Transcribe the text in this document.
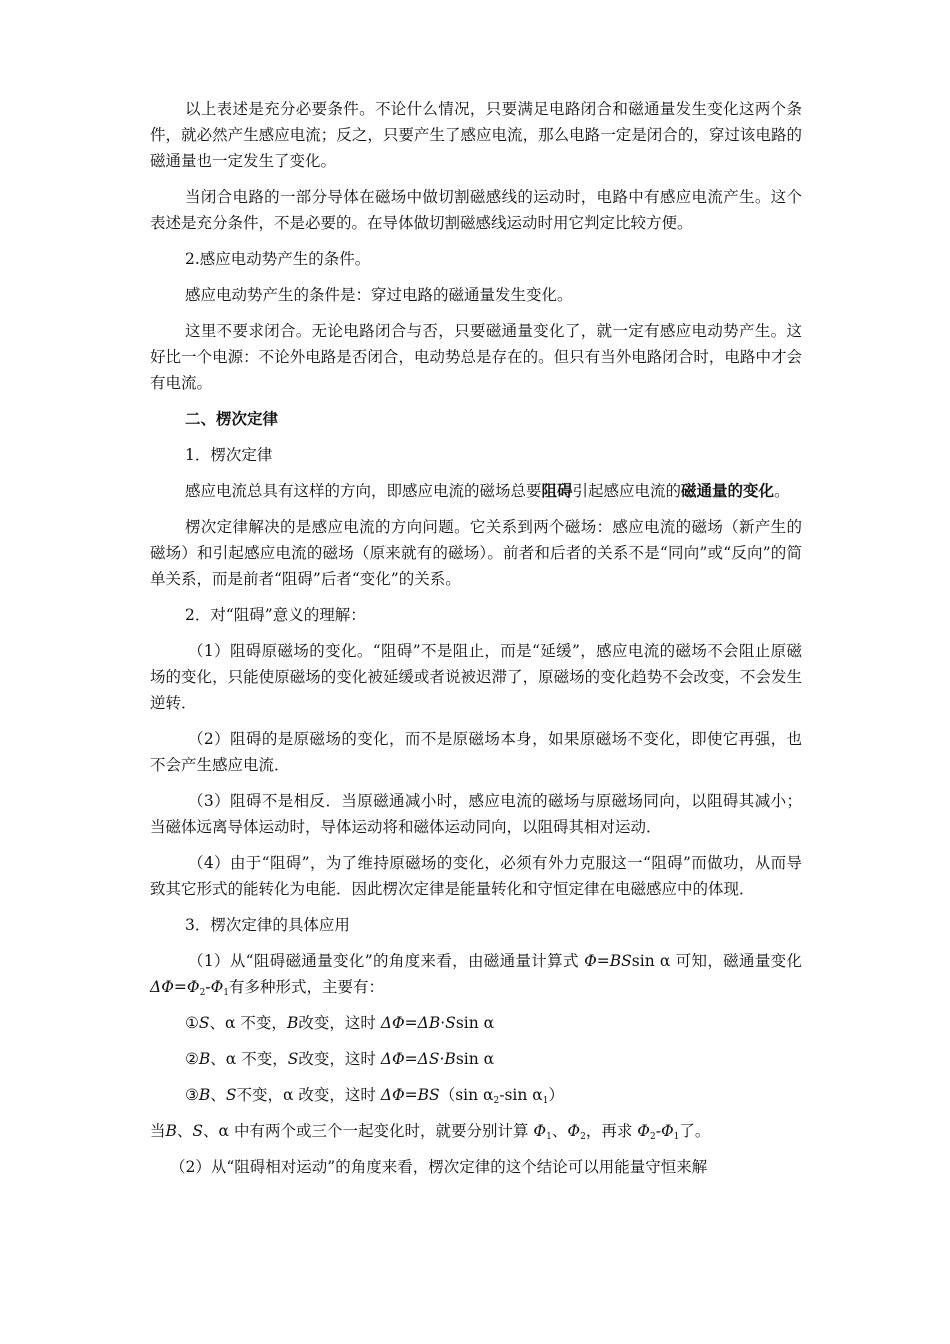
以上表述是充分必要条件。不论什么情况，只要满足电路闭合和磁通量发生变化这两个条件，就必然产生感应电流；反之，只要产生了感应电流，那么电路一定是闭合的，穿过该电路的磁通量也一定发生了变化。

当闭合电路的一部分导体在磁场中做切割磁感线的运动时，电路中有感应电流产生。这个表述是充分条件，不是必要的。在导体做切割磁感线运动时用它判定比较方便。

2.感应电动势产生的条件。

感应电动势产生的条件是：穿过电路的磁通量发生变化。

这里不要求闭合。无论电路闭合与否，只要磁通量变化了，就一定有感应电动势产生。这好比一个电源：不论外电路是否闭合，电动势总是存在的。但只有当外电路闭合时，电路中才会有电流。

二、楞次定律

1．楞次定律

感应电流总具有这样的方向，即感应电流的磁场总要阻碍引起感应电流的磁通量的变化。

楞次定律解决的是感应电流的方向问题。它关系到两个磁场：感应电流的磁场（新产生的磁场）和引起感应电流的磁场（原来就有的磁场）。前者和后者的关系不是“同向”或“反向”的简单关系，而是前者“阻碍”后者“变化”的关系。

2．对“阻碍”意义的理解：

（1）阻碍原磁场的变化。“阻碍”不是阻止，而是“延缓”，感应电流的磁场不会阻止原磁场的变化，只能使原磁场的变化被延缓或者说被迟滞了，原磁场的变化趋势不会改变，不会发生逆转．

（2）阻碍的是原磁场的变化，而不是原磁场本身，如果原磁场不变化，即使它再强，也不会产生感应电流．

（3）阻碍不是相反．当原磁通减小时，感应电流的磁场与原磁场同向，以阻碍其减小；当磁体远离导体运动时，导体运动将和磁体运动同向，以阻碍其相对运动．

（4）由于“阻碍”，为了维持原磁场的变化，必须有外力克服这一“阻碍”而做功，从而导致其它形式的能转化为电能．因此楞次定律是能量转化和守恒定律在电磁感应中的体现．

3．楞次定律的具体应用

（1）从“阻碍磁通量变化”的角度来看，由磁通量计算式 Φ=BSsin α 可知，磁通量变化 $\Delta\Phi=\Phi_2-\Phi_1$有多种形式，主要有：

①S、α 不变，B改变，这时 ΔΦ=ΔB·Ssin α

②B、α 不变，S改变，这时 ΔΦ=ΔS·Bsin α

③B、S不变，α 改变，这时 ΔΦ=BS（sin $\alpha_2-\sin$ $\alpha_1$）

当B、S、α 中有两个或三个一起变化时，就要分别计算 $\Phi_1$、$\Phi_2$，再求 $\Phi_2-\Phi_1$了。

（2）从“阻碍相对运动”的角度来看，楞次定律的这个结论可以用能量守恒来解
